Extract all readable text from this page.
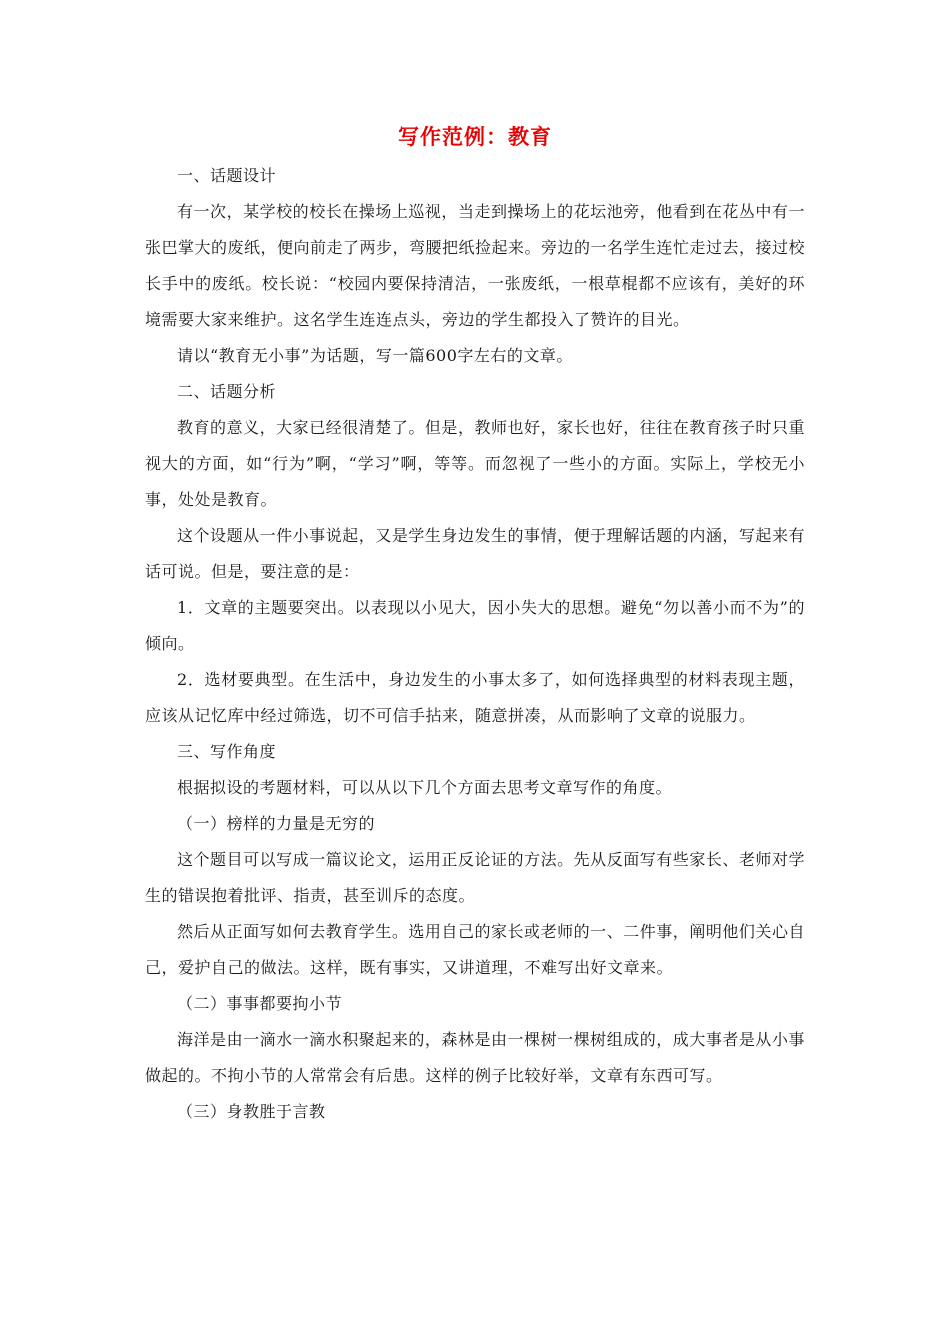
写作范例：教育

一、话题设计

有一次，某学校的校长在操场上巡视，当走到操场上的花坛池旁，他看到在花丛中有一张巴掌大的废纸，便向前走了两步，弯腰把纸捡起来。旁边的一名学生连忙走过去，接过校长手中的废纸。校长说：“校园内要保持清洁，一张废纸，一根草棍都不应该有，美好的环境需要大家来维护。这名学生连连点头，旁边的学生都投入了赞许的目光。

请以“教育无小事”为话题，写一篇600字左右的文章。

二、话题分析

教育的意义，大家已经很清楚了。但是，教师也好，家长也好，往往在教育孩子时只重视大的方面，如“行为”啊，“学习”啊，等等。而忽视了一些小的方面。实际上，学校无小事，处处是教育。

这个设题从一件小事说起，又是学生身边发生的事情，便于理解话题的内涵，写起来有话可说。但是，要注意的是：

1．文章的主题要突出。以表现以小见大，因小失大的思想。避免“勿以善小而不为”的倾向。

2．选材要典型。在生活中，身边发生的小事太多了，如何选择典型的材料表现主题，应该从记忆库中经过筛选，切不可信手拈来，随意拼凑，从而影响了文章的说服力。

三、写作角度

根据拟设的考题材料，可以从以下几个方面去思考文章写作的角度。

（一）榜样的力量是无穷的

这个题目可以写成一篇议论文，运用正反论证的方法。先从反面写有些家长、老师对学生的错误抱着批评、指责，甚至训斥的态度。

然后从正面写如何去教育学生。选用自己的家长或老师的一、二件事，阐明他们关心自己，爱护自己的做法。这样，既有事实，又讲道理，不难写出好文章来。

（二）事事都要拘小节

海洋是由一滴水一滴水积聚起来的，森林是由一棵树一棵树组成的，成大事者是从小事做起的。不拘小节的人常常会有后患。这样的例子比较好举，文章有东西可写。

（三）身教胜于言教
